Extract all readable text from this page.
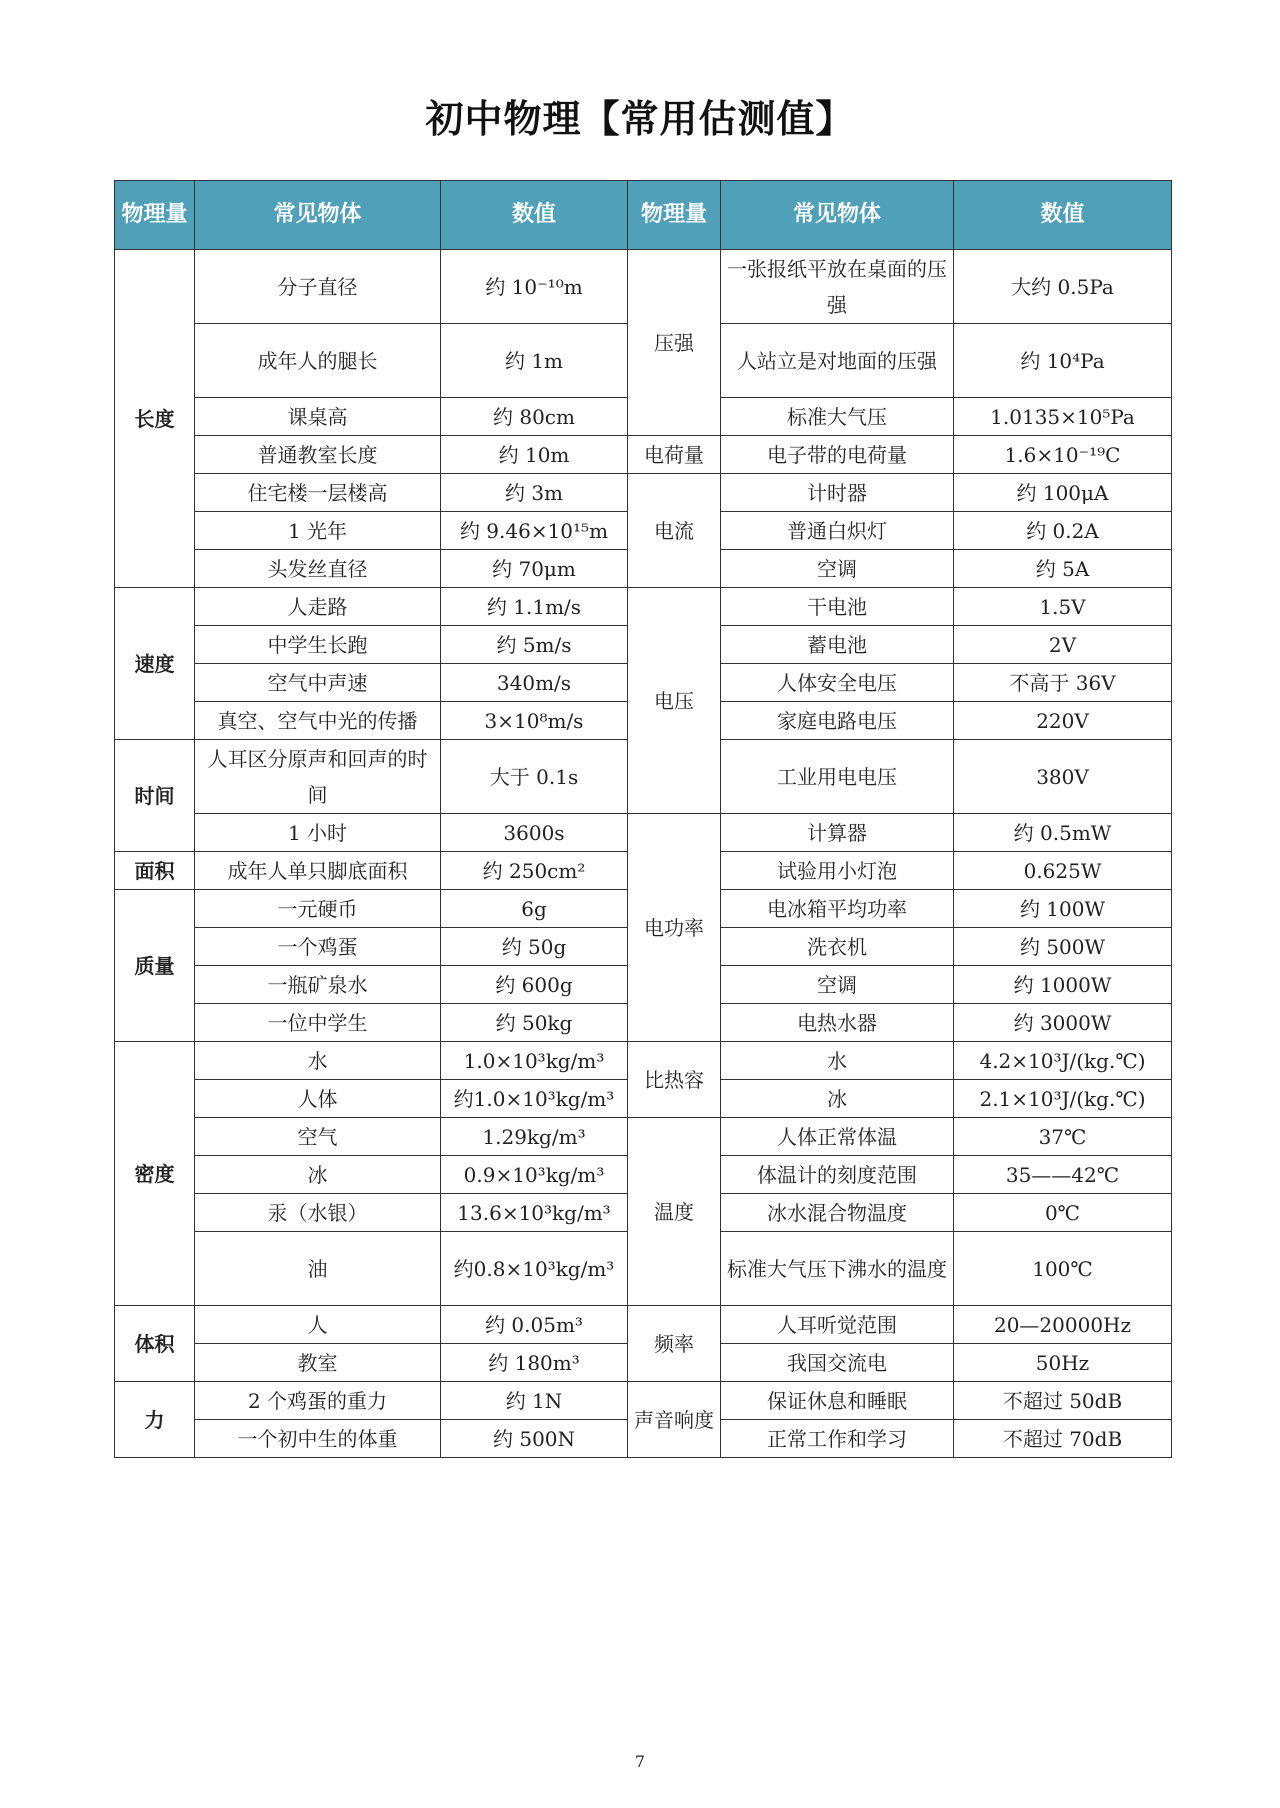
初中物理【常用估测值】
物理量	常见物体	数值	物理量	常见物体	数值
长度	分子直径	约 10⁻¹⁰m	压强	一张报纸平放在桌面的压强	大约 0.5Pa
	成年人的腿长	约 1m		人站立是对地面的压强	约 10⁴Pa
	课桌高	约 80cm		标准大气压	1.0135×10⁵Pa
	普通教室长度	约 10m	电荷量	电子带的电荷量	1.6×10⁻¹⁹C
	住宅楼一层楼高	约 3m	电流	计时器	约 100μA
	1 光年	约 9.46×10¹⁵m		普通白炽灯	约 0.2A
	头发丝直径	约 70μm		空调	约 5A
速度	人走路	约 1.1m/s	电压	干电池	1.5V
	中学生长跑	约 5m/s		蓄电池	2V
	空气中声速	340m/s		人体安全电压	不高于 36V
	真空、空气中光的传播	3×10⁸m/s		家庭电路电压	220V
时间	人耳区分原声和回声的时间	大于 0.1s		工业用电电压	380V
	1 小时	3600s	电功率	计算器	约 0.5mW
面积	成年人单只脚底面积	约 250cm²		试验用小灯泡	0.625W
质量	一元硬币	6g		电冰箱平均功率	约 100W
	一个鸡蛋	约 50g		洗衣机	约 500W
	一瓶矿泉水	约 600g		空调	约 1000W
	一位中学生	约 50kg		电热水器	约 3000W
密度	水	1.0×10³kg/m³	比热容	水	4.2×10³J/(kg.℃)
	人体	约1.0×10³kg/m³		冰	2.1×10³J/(kg.℃)
	空气	1.29kg/m³	温度	人体正常体温	37℃
	冰	0.9×10³kg/m³		体温计的刻度范围	35——42℃
	汞（水银）	13.6×10³kg/m³		冰水混合物温度	0℃
	油	约0.8×10³kg/m³		标准大气压下沸水的温度	100℃
体积	人	约 0.05m³	频率	人耳听觉范围	20—20000Hz
	教室	约 180m³		我国交流电	50Hz
力	2 个鸡蛋的重力	约 1N	声音响度	保证休息和睡眠	不超过 50dB
	一个初中生的体重	约 500N		正常工作和学习	不超过 70dB
7
